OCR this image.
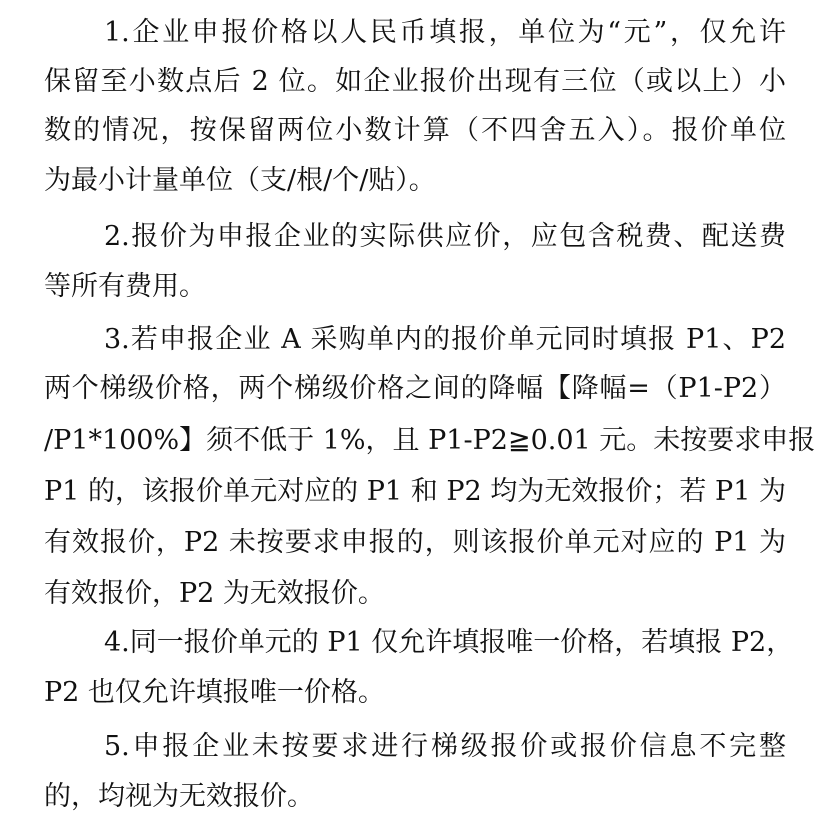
1.企业申报价格以人民币填报，单位为“元”，仅允许
保留至小数点后 2 位。如企业报价出现有三位（或以上）小
数的情况，按保留两位小数计算（不四舍五入）。报价单位
为最小计量单位（支/根/个/贴）。
2.报价为申报企业的实际供应价，应包含税费、配送费
等所有费用。
3.若申报企业 A 采购单内的报价单元同时填报 P1、P2
两个梯级价格，两个梯级价格之间的降幅【降幅=（P1-P2）
/P1*100%】须不低于 1%，且 P1-P2≧0.01 元。未按要求申报
P1 的，该报价单元对应的 P1 和 P2 均为无效报价；若 P1 为
有效报价，P2 未按要求申报的，则该报价单元对应的 P1 为
有效报价，P2 为无效报价。
4.同一报价单元的 P1 仅允许填报唯一价格，若填报 P2，
P2 也仅允许填报唯一价格。
5.申报企业未按要求进行梯级报价或报价信息不完整
的，均视为无效报价。
